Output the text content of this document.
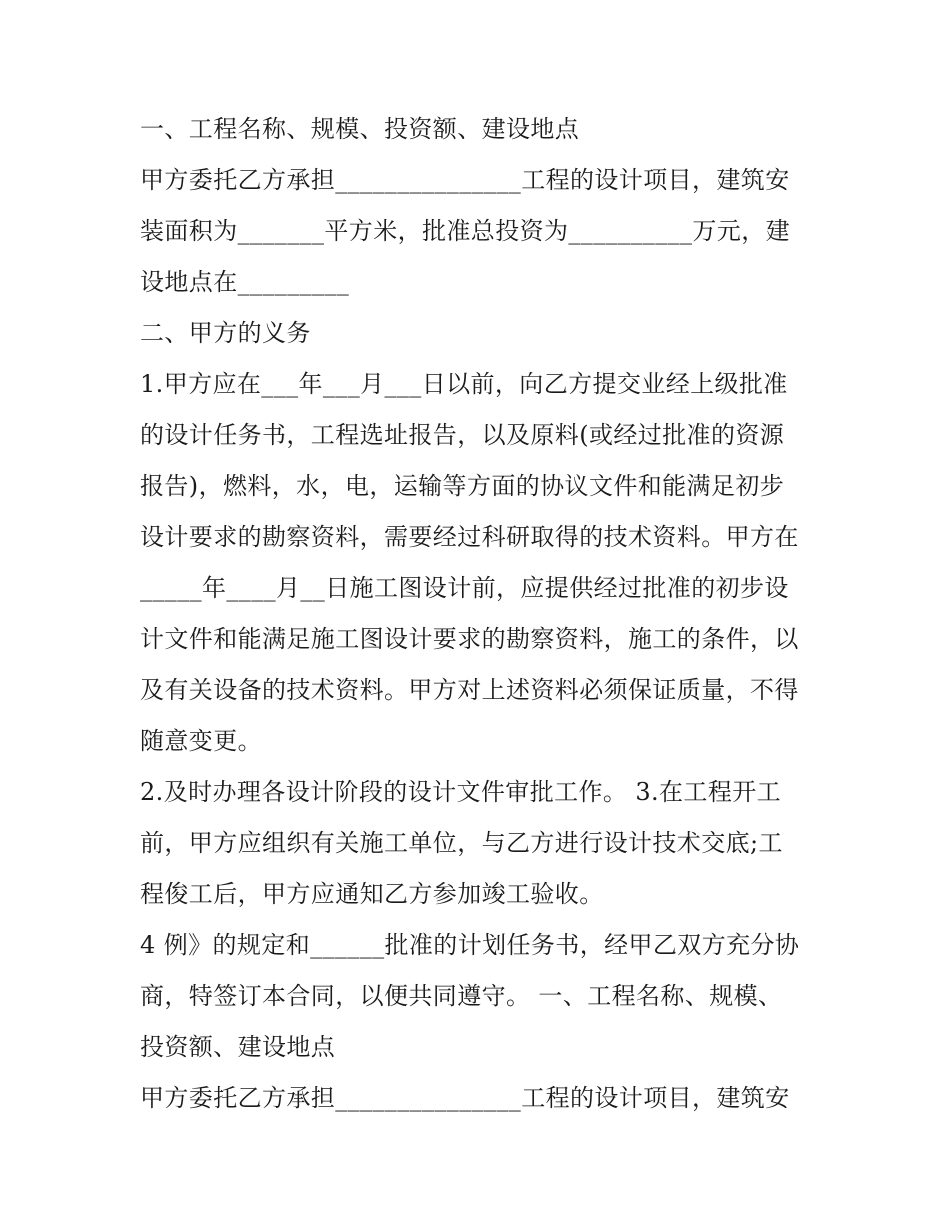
一、工程名称、规模、投资额、建设地点

甲方委托乙方承担_______________工程的设计项目，建筑安

装面积为_______平方米，批准总投资为__________万元，建

设地点在_________

二、甲方的义务

1.甲方应在___年___月___日以前，向乙方提交业经上级批准

的设计任务书，工程选址报告，以及原料(或经过批准的资源

报告)，燃料，水，电，运输等方面的协议文件和能满足初步

设计要求的勘察资料，需要经过科研取得的技术资料。甲方在

_____年____月__日施工图设计前，应提供经过批准的初步设

计文件和能满足施工图设计要求的勘察资料，施工的条件，以

及有关设备的技术资料。甲方对上述资料必须保证质量，不得

随意变更。

2.及时办理各设计阶段的设计文件审批工作。 3.在工程开工

前，甲方应组织有关施工单位，与乙方进行设计技术交底;工

程俊工后，甲方应通知乙方参加竣工验收。

4 例》的规定和______批准的计划任务书，经甲乙双方充分协

商，特签订本合同，以便共同遵守。 一、工程名称、规模、

投资额、建设地点

甲方委托乙方承担_______________工程的设计项目，建筑安
